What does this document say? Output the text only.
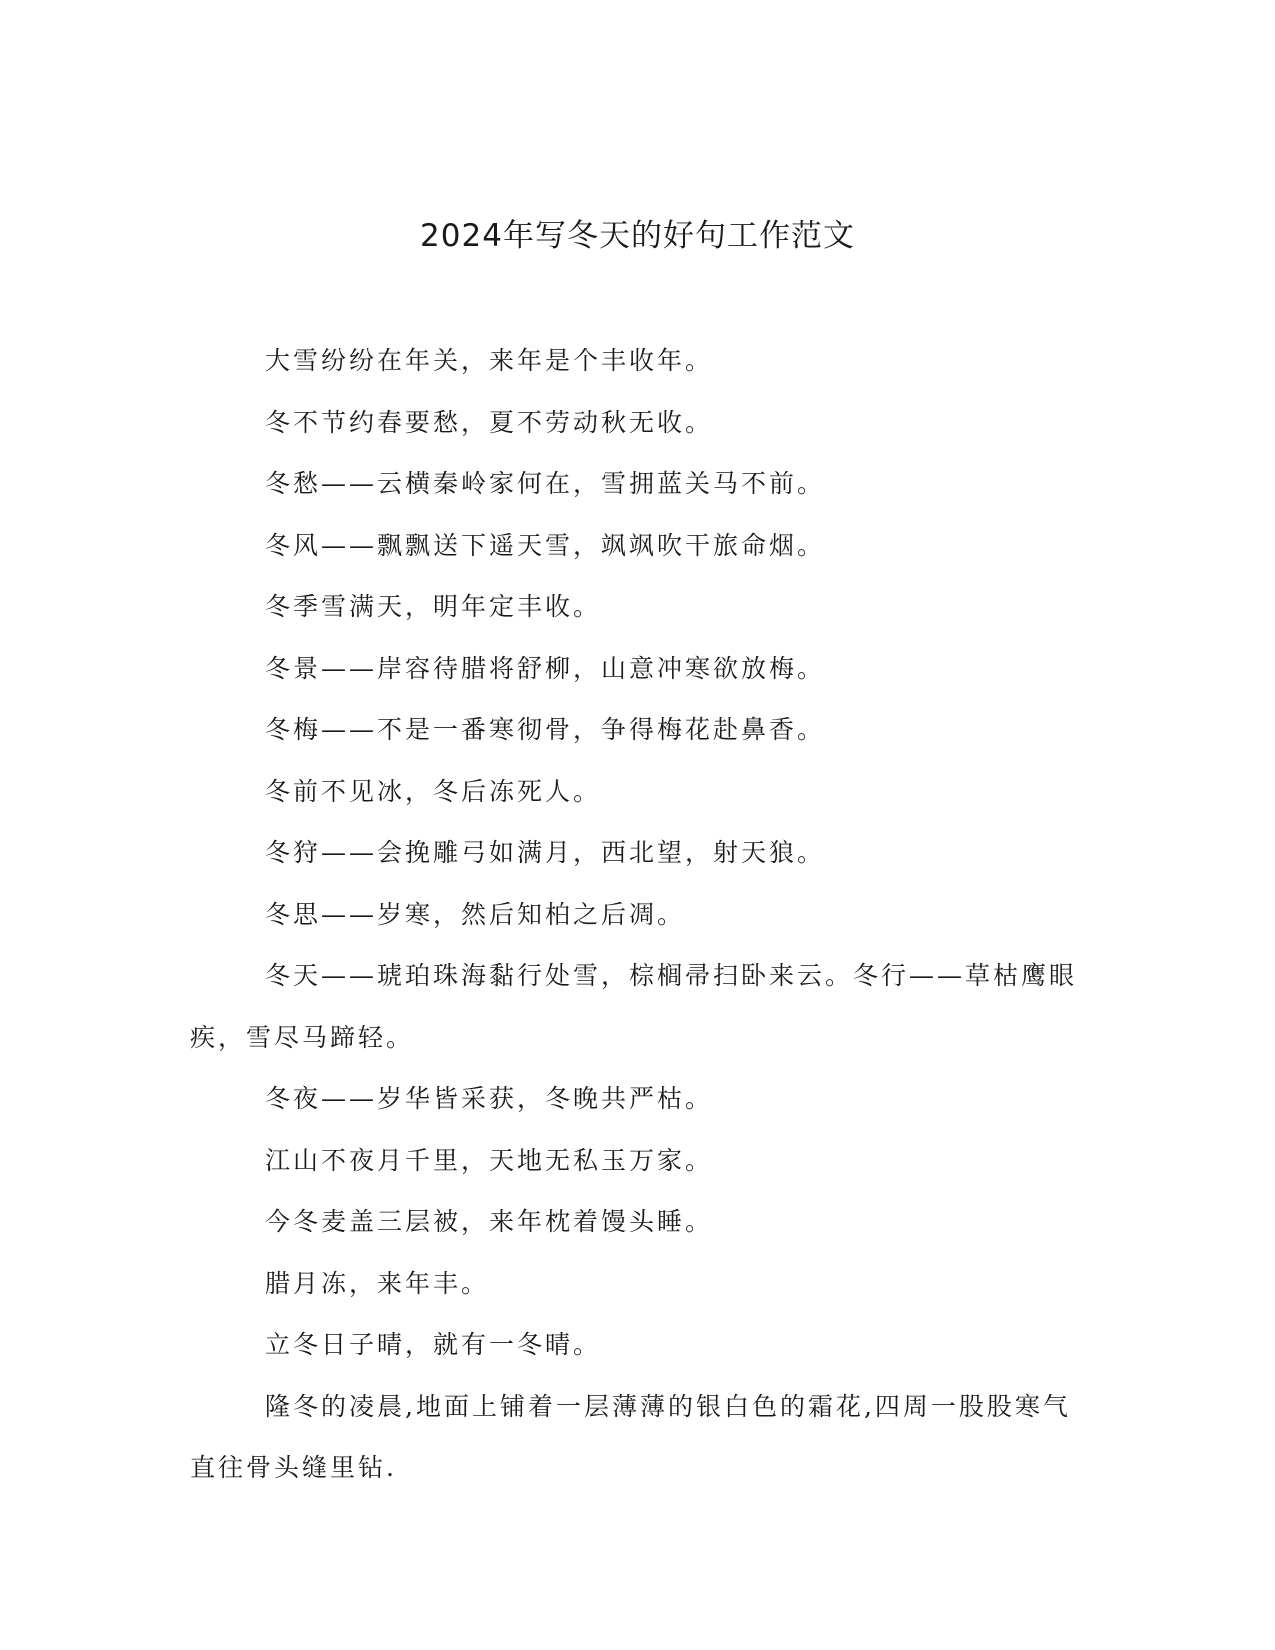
2024年写冬天的好句工作范文

大雪纷纷在年关，来年是个丰收年。

冬不节约春要愁，夏不劳动秋无收。

冬愁——云横秦岭家何在，雪拥蓝关马不前。

冬风——飘飘送下遥天雪，飒飒吹干旅命烟。

冬季雪满天，明年定丰收。

冬景——岸容待腊将舒柳，山意冲寒欲放梅。

冬梅——不是一番寒彻骨，争得梅花赴鼻香。

冬前不见冰，冬后冻死人。

冬狩——会挽雕弓如满月，西北望，射天狼。

冬思——岁寒，然后知柏之后凋。

冬天——琥珀珠海黏行处雪，棕榈帚扫卧来云。冬行——草枯鹰眼疾，雪尽马蹄轻。

冬夜——岁华皆采获，冬晚共严枯。

江山不夜月千里，天地无私玉万家。

今冬麦盖三层被，来年枕着馒头睡。

腊月冻，来年丰。

立冬日子晴，就有一冬晴。

隆冬的凌晨,地面上铺着一层薄薄的银白色的霜花,四周一股股寒气直往骨头缝里钻.
